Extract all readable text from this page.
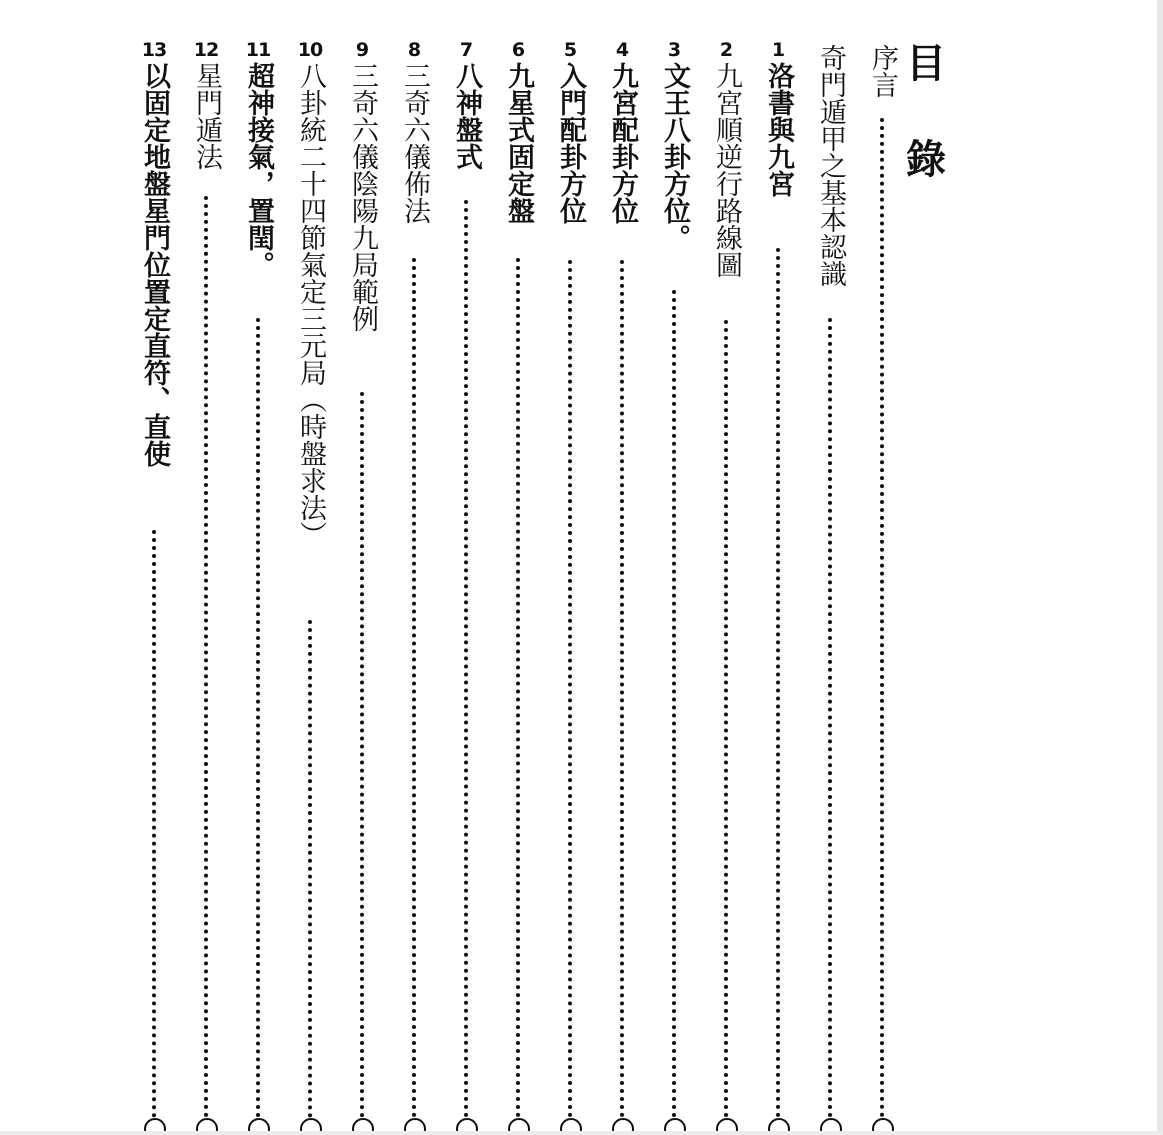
目
錄
序言
奇門遁甲之基本認識
1
洛書與九宮
2
九宮順逆行路線圖
3
文王八卦方位。
4
九宮配卦方位
5
入門配卦方位
6
九星式固定盤
7
八神盤式
8
三奇六儀佈法
9
三奇六儀陰陽九局範例
10
八卦統二十四節氣定三元局（時盤求法）
11
超神接氣，置閏。
12
星門遁法
13
以固定地盤星門位置定直符、直使
